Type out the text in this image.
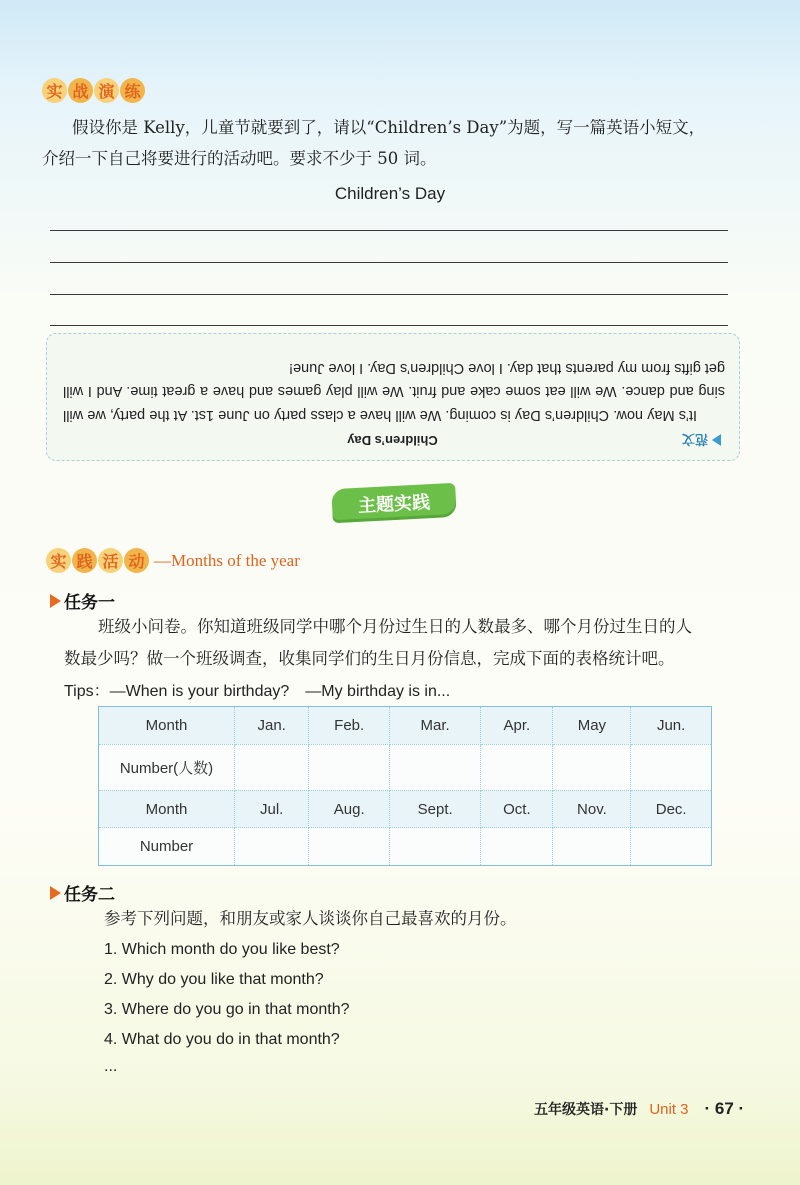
实 战 演 练
假设你是 Kelly，儿童节就要到了，请以“Children’s Day”为题，写一篇英语小短文，
介绍一下自己将要进行的活动吧。要求不少于 50 词。
Children’s Day
范文
Children’s Day
It’s May now. Children’s Day is coming. We will have a class party on June 1st. At the party, we will sing and dance. We will eat some cake and fruit. We will play games and have a great time. And I will get gifts from my parents that day. I love Children’s Day. I love June!
主题实践
实 践 活 动 —Months of the year
任务一
班级小问卷。你知道班级同学中哪个月份过生日的人数最多、哪个月份过生日的人
数最少吗？做一个班级调查，收集同学们的生日月份信息，完成下面的表格统计吧。
Tips：—When is your birthday?　—My birthday is in...
Month	Jan.	Feb.	Mar.	Apr.	May	Jun.
Number(人数)						
Month	Jul.	Aug.	Sept.	Oct.	Nov.	Dec.
Number						
任务二
参考下列问题，和朋友或家人谈谈你自己最喜欢的月份。
1. Which month do you like best?
2. Why do you like that month?
3. Where do you go in that month?
4. What do you do in that month?
...
五年级英语·下册 Unit 3 · 67 ·
